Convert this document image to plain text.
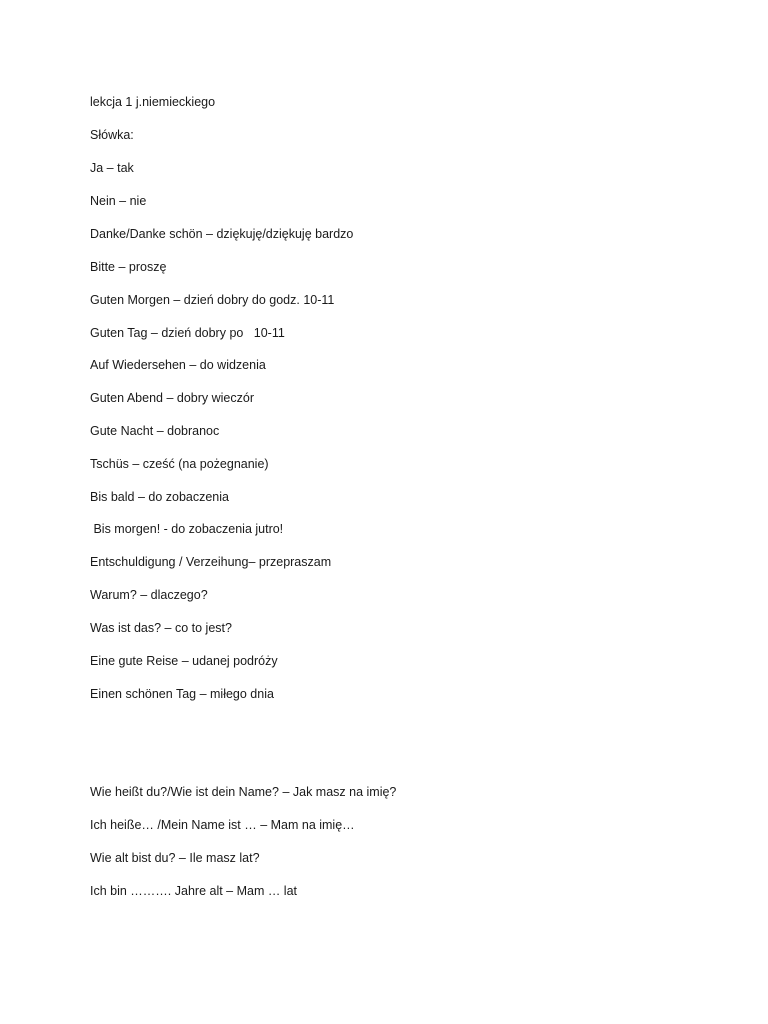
lekcja 1 j.niemieckiego

Słówka:

Ja – tak

Nein – nie

Danke/Danke schön – dziękuję/dziękuję bardzo

Bitte – proszę

Guten Morgen – dzień dobry do godz. 10-11

Guten Tag – dzień dobry po   10-11

Auf Wiedersehen – do widzenia

Guten Abend – dobry wieczór

Gute Nacht – dobranoc

Tschüs – cześć (na pożegnanie)

Bis bald – do zobaczenia

Bis morgen! - do zobaczenia jutro!

Entschuldigung / Verzeihung– przepraszam

Warum? – dlaczego?

Was ist das? – co to jest?

Eine gute Reise – udanej podróży

Einen schönen Tag – miłego dnia

Wie heißt du?/Wie ist dein Name? – Jak masz na imię?

Ich heiße… /Mein Name ist … – Mam na imię…

Wie alt bist du? – Ile masz lat?

Ich bin ………. Jahre alt – Mam … lat
